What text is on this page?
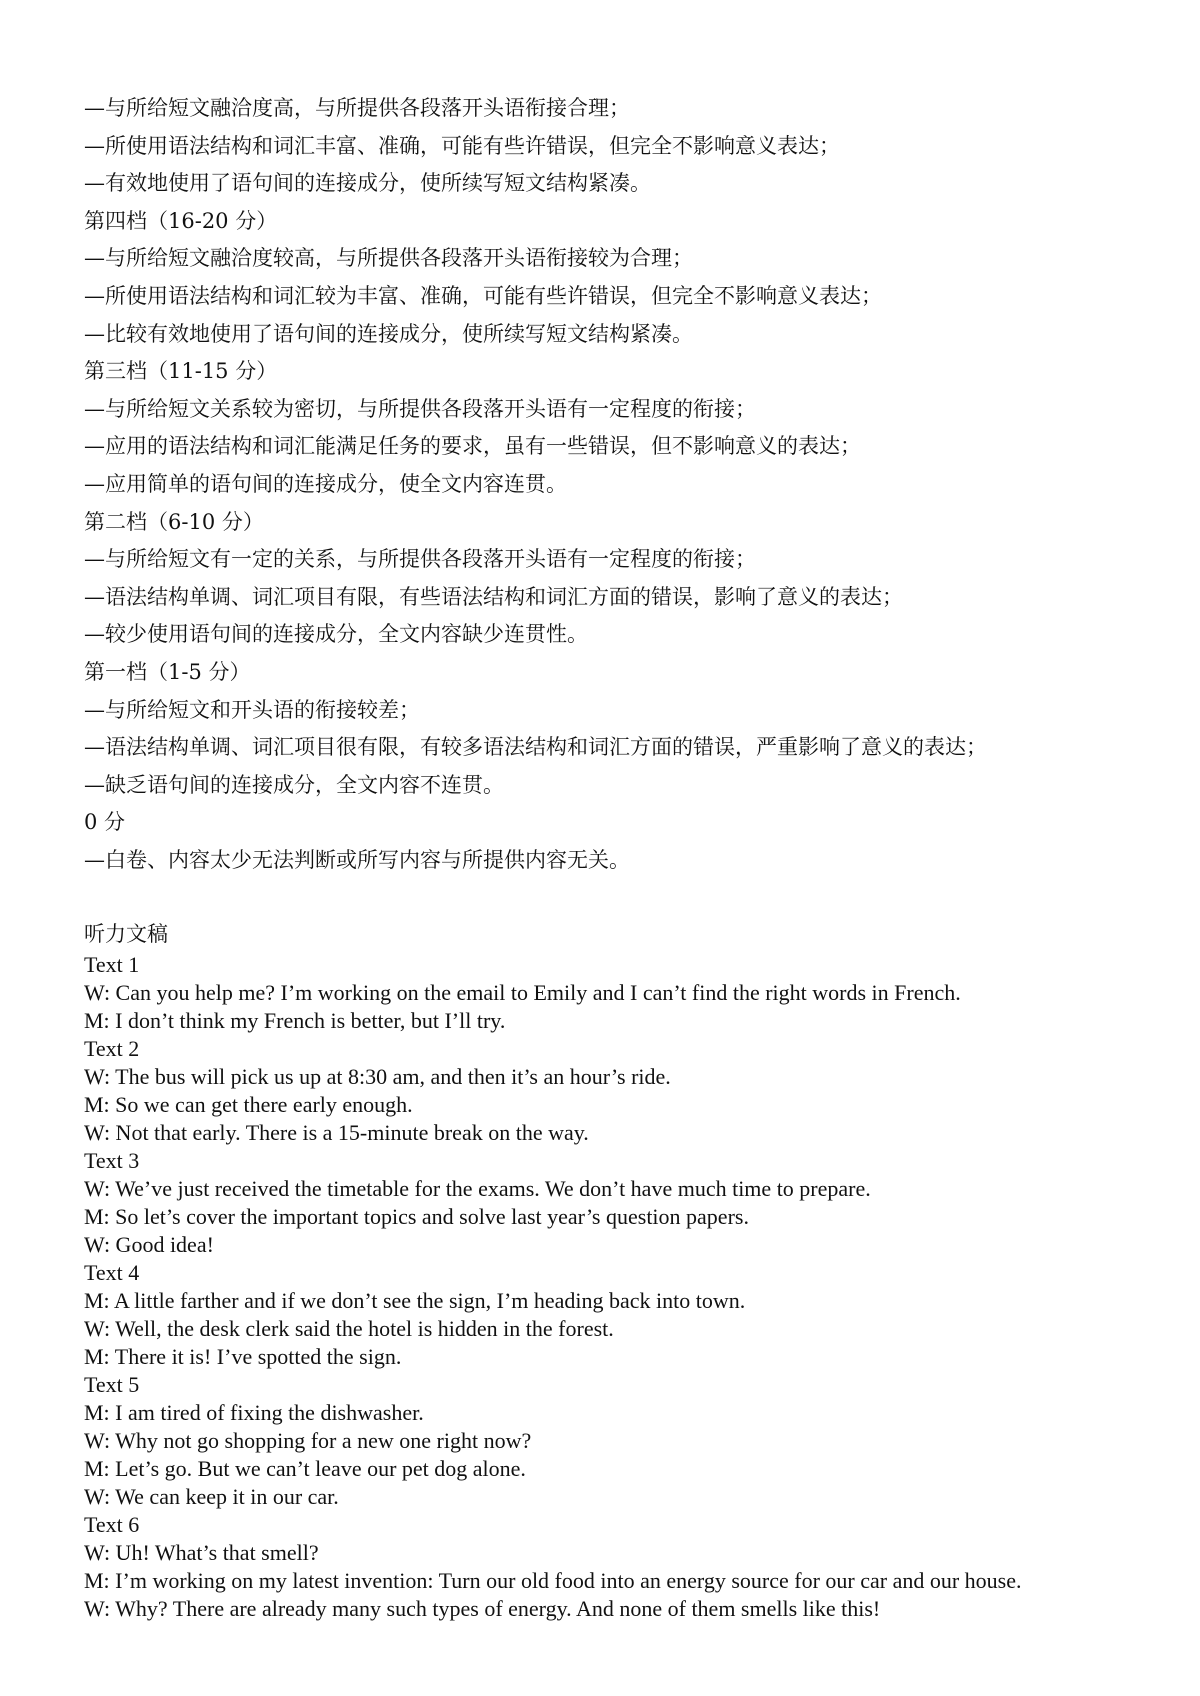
—与所给短文融洽度高，与所提供各段落开头语衔接合理；
—所使用语法结构和词汇丰富、准确，可能有些许错误，但完全不影响意义表达；
—有效地使用了语句间的连接成分，使所续写短文结构紧凑。
第四档（16-20 分）
—与所给短文融洽度较高，与所提供各段落开头语衔接较为合理；
—所使用语法结构和词汇较为丰富、准确，可能有些许错误，但完全不影响意义表达；
—比较有效地使用了语句间的连接成分，使所续写短文结构紧凑。
第三档（11-15 分）
—与所给短文关系较为密切，与所提供各段落开头语有一定程度的衔接；
—应用的语法结构和词汇能满足任务的要求，虽有一些错误，但不影响意义的表达；
—应用简单的语句间的连接成分，使全文内容连贯。
第二档（6-10 分）
—与所给短文有一定的关系，与所提供各段落开头语有一定程度的衔接；
—语法结构单调、词汇项目有限，有些语法结构和词汇方面的错误，影响了意义的表达；
—较少使用语句间的连接成分，全文内容缺少连贯性。
第一档（1-5 分）
—与所给短文和开头语的衔接较差；
—语法结构单调、词汇项目很有限，有较多语法结构和词汇方面的错误，严重影响了意义的表达；
—缺乏语句间的连接成分，全文内容不连贯。
0 分
—白卷、内容太少无法判断或所写内容与所提供内容无关。
听力文稿
Text 1
W: Can you help me? I’m working on the email to Emily and I can’t find the right words in French.
M: I don’t think my French is better, but I’ll try.
Text 2
W: The bus will pick us up at 8:30 am, and then it’s an hour’s ride.
M: So we can get there early enough.
W: Not that early. There is a 15-minute break on the way.
Text 3
W: We’ve just received the timetable for the exams. We don’t have much time to prepare.
M: So let’s cover the important topics and solve last year’s question papers.
W: Good idea!
Text 4
M: A little farther and if we don’t see the sign, I’m heading back into town.
W: Well, the desk clerk said the hotel is hidden in the forest.
M: There it is! I’ve spotted the sign.
Text 5
M: I am tired of fixing the dishwasher.
W: Why not go shopping for a new one right now?
M: Let’s go. But we can’t leave our pet dog alone.
W: We can keep it in our car.
Text 6
W: Uh! What’s that smell?
M: I’m working on my latest invention: Turn our old food into an energy source for our car and our house.
W: Why? There are already many such types of energy. And none of them smells like this!
